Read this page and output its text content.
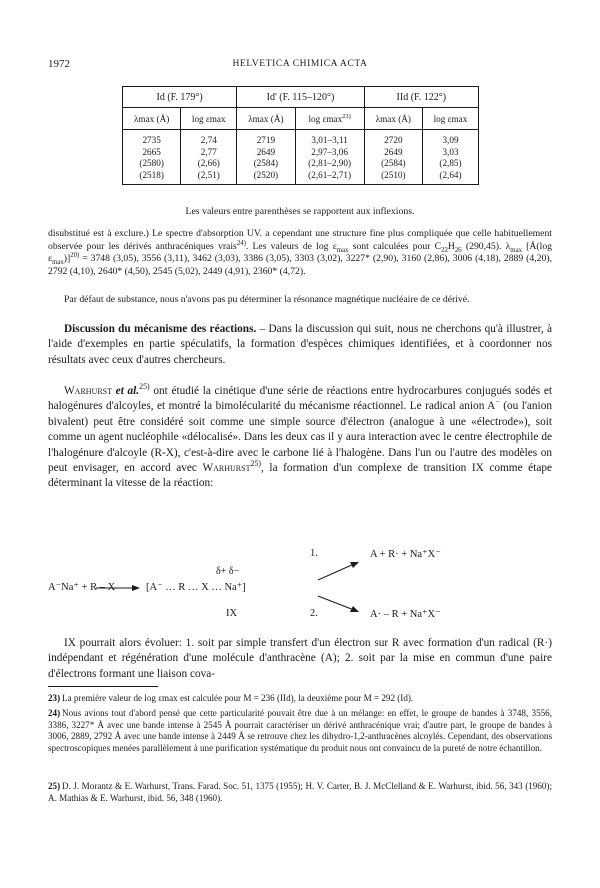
1972	HELVETICA CHIMICA ACTA
Id (F. 179°)		Id' (F. 115–120°)		IId (F. 122°)	
λmax (Å)	log εmax	λmax (Å)	log εmax$^{23)}$	λmax (Å)	log εmax
2735	2,74	2719	3,01–3,11	2720	3,09
2665	2,77	2649	2,97–3,06	2649	3,03
(2580)	(2,66)	(2584)	(2,81–2,90)	(2584)	(2,85)
(2518)	(2,51)	(2520)	(2,61–2,71)	(2510)	(2,64)
Les valeurs entre parenthèses se rapportent aux inflexions.

disubstitué est à exclure.) Le spectre d'absorption UV. a cependant une structure fine plus compliquée que celle habituellement observée pour les dérivés anthracéniques vrais$^{24)}$. Les valeurs de $\log \varepsilon_{max}$ sont calculées pour $C_{22}H_{26}$ (290,45). $\lambda_{max}$ [Å(log $\varepsilon_{max})]^{20)} = 3748$ (3,05), 3556 (3,11), 3462 (3,03), 3386 (3,05), 3303 (3,02), 3227* (2,90), 3160 (2,86), 3006 (4,18), 2889 (4,20), 2792 (4,10), 2640* (4,50), 2545 (5,02), 2449 (4,91), 2360* (4,72).

Par défaut de substance, nous n'avons pas pu déterminer la résonance magnétique nucléaire de ce dérivé.

Discussion du mécanisme des réactions. – Dans la discussion qui suit, nous ne cherchons qu'à illustrer, à l'aide d'exemples en partie spéculatifs, la formation d'espèces chimiques identifiées, et à coordonner nos résultats avec ceux d'autres chercheurs.

Warhurst et al.$^{25)}$ ont étudié la cinétique d'une série de réactions entre hydrocarbures conjugués sodés et halogénures d'alcoyles, et montré la bimolécularité du mécanisme réactionnel. Le radical anion A− (ou l'anion bivalent) peut être considéré soit comme une simple source d'électron (analogue à une «électrode»), soit comme un agent nucléophile «délocalisé». Dans les deux cas il y aura interaction avec le centre électrophile de l'halogénure d'alcoyle (R-X), c'est-à-dire avec le carbone lié à l'halogène. Dans l'un ou l'autre des modèles on peut envisager, en accord avec Warhurst$^{25)}$, la formation d'un complexe de transition IX comme étape déterminant la vitesse de la réaction:

1.	A + R· + Na⁺X⁻
δ+ δ−
A⁻Na⁺ + R – X	[A⁻ … R … X … Na⁺]
IX	2.	A· – R + Na⁺X⁻

IX pourrait alors évoluer: 1. soit par simple transfert d'un électron sur R avec formation d'un radical (R·) indépendant et régénération d'une molécule d'anthracène (A); 2. soit par la mise en commun d'une paire d'électrons formant une liaison cova-

23) La première valeur de log εmax est calculée pour M = 236 (IId), la deuxième pour M = 292 (Id).

24) Nous avions tout d'abord pensé que cette particularité pouvait être due à un mélange: en effet, le groupe de bandes à 3748, 3556, 3386, 3227* Å avec une bande intense à 2545 Å pourrait caractériser un dérivé anthracénique vrai; d'autre part, le groupe de bandes à 3006, 2889, 2792 Å avec une bande intense à 2449 Å se retrouve chez les dihydro-1,2-anthracènes alcoylés. Cependant, des observations spectroscopiques menées parallèlement à une purification systématique du produit nous ont convaincu de la pureté de notre échantillon.

25) D. J. Morantz & E. Warhurst, Trans. Farad. Soc. 51, 1375 (1955); H. V. Carter, B. J. McClelland & E. Warhurst, ibid. 56, 343 (1960); A. Mathias & E. Warhurst, ibid. 56, 348 (1960).
